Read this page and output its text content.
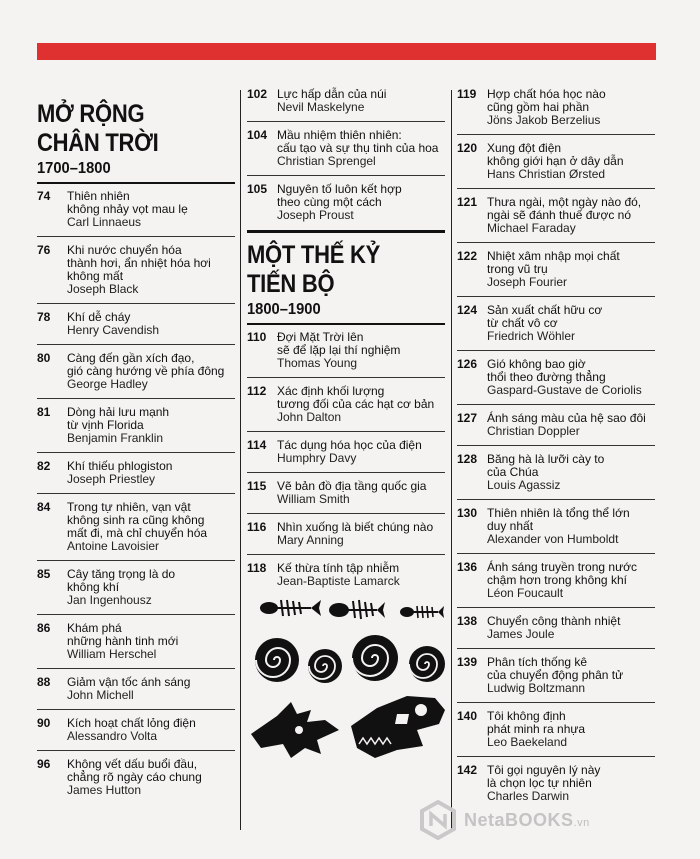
MỞ RỘNG
CHÂN TRỜI
1700–1800
74	Thiên nhiên
không nhảy vọt mau lẹ
Carl Linnaeus
76	Khi nước chuyển hóa
thành hơi, ẩn nhiệt hóa hơi
không mất
Joseph Black
78	Khí dễ cháy
Henry Cavendish
80	Càng đến gần xích đạo,
gió càng hướng về phía đông
George Hadley
81	Dòng hải lưu mạnh
từ vịnh Florida
Benjamin Franklin
82	Khí thiếu phlogiston
Joseph Priestley
84	Trong tự nhiên, vạn vật
không sinh ra cũng không
mất đi, mà chỉ chuyển hóa
Antoine Lavoisier
85	Cây tăng trọng là do
không khí
Jan Ingenhousz
86	Khám phá
những hành tinh mới
William Herschel
88	Giảm vận tốc ánh sáng
John Michell
90	Kích hoạt chất lỏng điện
Alessandro Volta
96	Không vết dấu buổi đầu,
chẳng rõ ngày cáo chung
James Hutton
102 Lực hấp dẫn của núi
Nevil Maskelyne
104 Mầu nhiệm thiên nhiên:
cấu tạo và sự thụ tinh của hoa
Christian Sprengel
105 Nguyên tố luôn kết hợp
theo cùng một cách
Joseph Proust
MỘT THẾ KỶ
TIẾN BỘ
1800–1900
110 Đợi Mặt Trời lên
sẽ để lặp lại thí nghiệm
Thomas Young
112 Xác định khối lượng
tương đối của các hạt cơ bản
John Dalton
114 Tác dụng hóa học của điện
Humphry Davy
115 Vẽ bản đồ địa tầng quốc gia
William Smith
116 Nhìn xuống là biết chúng nào
Mary Anning
118 Kế thừa tính tập nhiễm
Jean-Baptiste Lamarck
119 Hợp chất hóa học nào
cũng gồm hai phần
Jöns Jakob Berzelius
120 Xung đột điện
không giới hạn ở dây dẫn
Hans Christian Ørsted
121 Thưa ngài, một ngày nào đó,
ngài sẽ đánh thuế được nó
Michael Faraday
122 Nhiệt xâm nhập mọi chất
trong vũ trụ
Joseph Fourier
124 Sản xuất chất hữu cơ
từ chất vô cơ
Friedrich Wöhler
126 Gió không bao giờ
thổi theo đường thẳng
Gaspard-Gustave de Coriolis
127 Ánh sáng màu của hệ sao đôi
Christian Doppler
128 Băng hà là lưỡi cày to
của Chúa
Louis Agassiz
130 Thiên nhiên là tổng thể lớn
duy nhất
Alexander von Humboldt
136 Ánh sáng truyền trong nước
chậm hơn trong không khí
Léon Foucault
138 Chuyển công thành nhiệt
James Joule
139 Phân tích thống kê
của chuyển động phân tử
Ludwig Boltzmann
140 Tôi không định
phát minh ra nhựa
Leo Baekeland
142 Tôi gọi nguyên lý này
là chọn lọc tự nhiên
Charles Darwin
NetaBOOKS.vn
